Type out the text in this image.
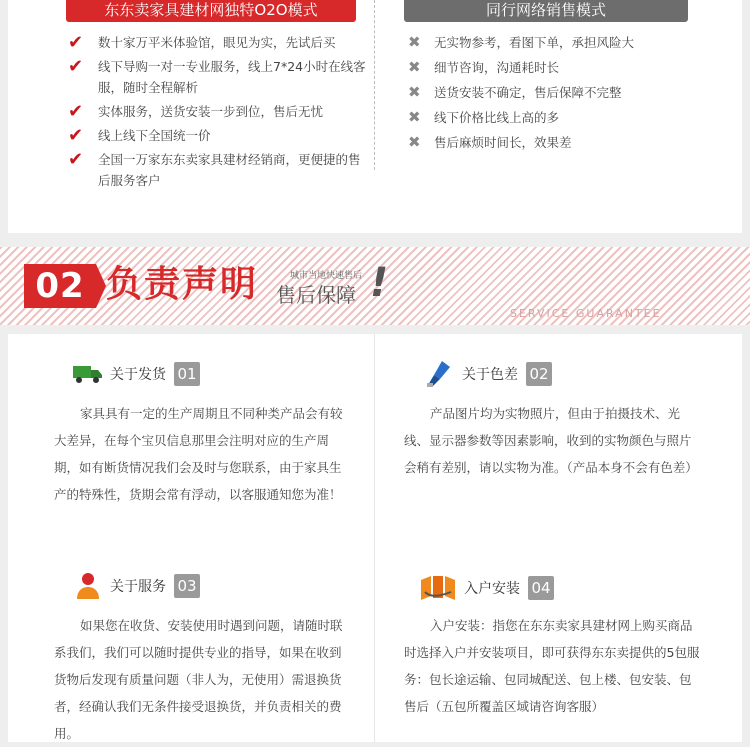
东东卖家具建材网独特O2O模式	同行网络销售模式
✔ 数十家万平米体验馆，眼见为实，先试后买
✔ 线下导购一对一专业服务，线上7*24小时在线客服，随时全程解析
✔ 实体服务，送货安装一步到位，售后无忧
✔ 线上线下全国统一价
✔ 全国一万家东东卖家具建材经销商，更便捷的售后服务客户
✖ 无实物参考，看图下单，承担风险大
✖ 细节咨询，沟通耗时长
✖ 送货安装不确定，售后保障不完整
✖ 线下价格比线上高的多
✖ 售后麻烦时间长，效果差
02 负责声明	城市当地快速售后
售后保障 !
SERVICE GUARANTEE
关于发货 01

家具具有一定的生产周期且不同种类产品会有较大差异，在每个宝贝信息那里会注明对应的生产周期，如有断货情况我们会及时与您联系，由于家具生产的特殊性，货期会常有浮动，以客服通知您为准！

关于色差 02

产品图片均为实物照片，但由于拍摄技术、光线、显示器参数等因素影响，收到的实物颜色与照片会稍有差别，请以实物为准。（产品本身不会有色差）

关于服务 03

如果您在收货、安装使用时遇到问题，请随时联系我们，我们可以随时提供专业的指导，如果在收到货物后发现有质量问题（非人为，无使用）需退换货者，经确认我们无条件接受退换货，并负责相关的费用。

入户安装 04

入户安装：指您在东东卖家具建材网上购买商品时选择入户并安装项目，即可获得东东卖提供的5包服务：包长途运输、包同城配送、包上楼、包安装、包售后（五包所覆盖区域请咨询客服）
